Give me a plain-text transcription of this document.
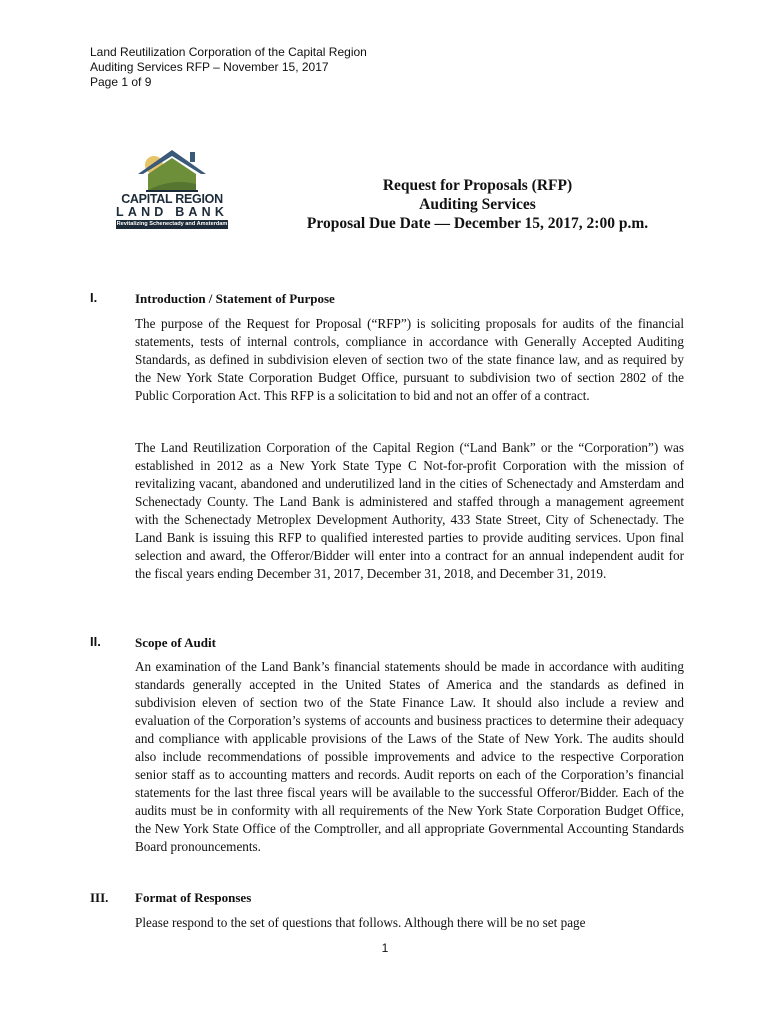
Land Reutilization Corporation of the Capital Region
Auditing Services RFP – November 15, 2017
Page 1 of 9
CAPITAL REGION
LAND BANK
Revitalizing Schenectady and Amsterdam
Request for Proposals (RFP)
Auditing Services
Proposal Due Date — December 15, 2017, 2:00 p.m.
I.	Introduction / Statement of Purpose

The purpose of the Request for Proposal (“RFP”) is soliciting proposals for audits of the financial statements, tests of internal controls, compliance in accordance with Generally Accepted Auditing Standards, as defined in subdivision eleven of section two of the state finance law, and as required by the New York State Corporation Budget Office, pursuant to subdivision two of section 2802 of the Public Corporation Act. This RFP is a solicitation to bid and not an offer of a contract.

The Land Reutilization Corporation of the Capital Region (“Land Bank” or the “Corporation”) was established in 2012 as a New York State Type C Not-for-profit Corporation with the mission of revitalizing vacant, abandoned and underutilized land in the cities of Schenectady and Amsterdam and Schenectady County. The Land Bank is administered and staffed through a management agreement with the Schenectady Metroplex Development Authority, 433 State Street, City of Schenectady. The Land Bank is issuing this RFP to qualified interested parties to provide auditing services. Upon final selection and award, the Offeror/Bidder will enter into a contract for an annual independent audit for the fiscal years ending December 31, 2017, December 31, 2018, and December 31, 2019.

II.	Scope of Audit

An examination of the Land Bank’s financial statements should be made in accordance with auditing standards generally accepted in the United States of America and the standards as defined in subdivision eleven of section two of the State Finance Law. It should also include a review and evaluation of the Corporation’s systems of accounts and business practices to determine their adequacy and compliance with applicable provisions of the Laws of the State of New York. The audits should also include recommendations of possible improvements and advice to the respective Corporation senior staff as to accounting matters and records. Audit reports on each of the Corporation’s financial statements for the last three fiscal years will be available to the successful Offeror/Bidder. Each of the audits must be in conformity with all requirements of the New York State Corporation Budget Office, the New York State Office of the Comptroller, and all appropriate Governmental Accounting Standards Board pronouncements.

III. Format of Responses

Please respond to the set of questions that follows. Although there will be no set page

1
